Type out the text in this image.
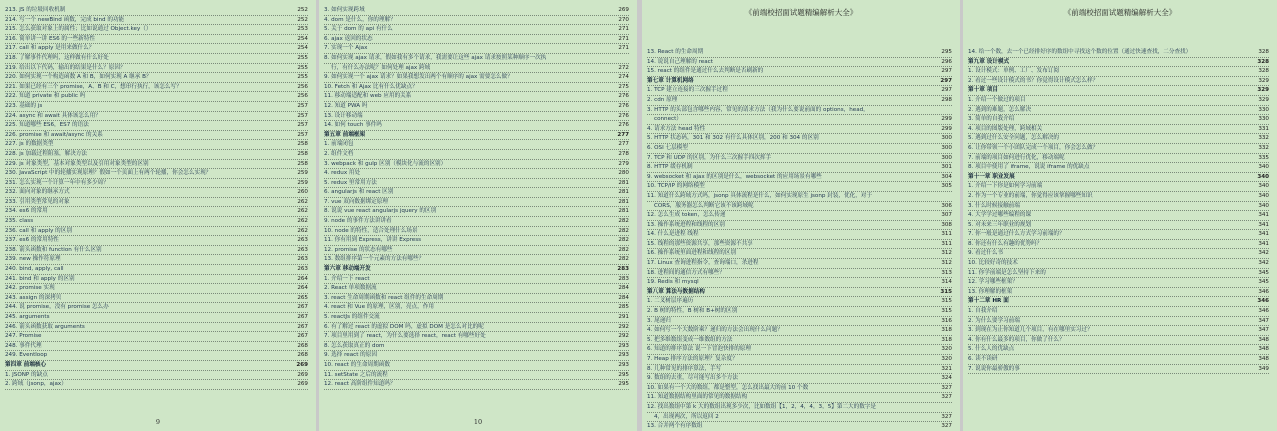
213. JS 的垃圾回收机制	252
214. 写一个 newBind 函数，完成 bind 的功能	252
215. 怎么获取对象上的属性；比如说通过 Object.key（）	253
216. 简单讲一讲 ES6 的一些新特性	254
217. call 和 apply 是用来做什么？	254
218. 了解事件代理吗，这样做有什么好处	255
219. 给出以下代码，输出的结果是什么？原因？	255
220. 如何实现一个构造函数 A 和 B，如何实现 A 继承 B？	255
221. 如果已经有三个 promise，A、B 和 C，想串行执行，该怎么写？	256
222. 知道 private 和 public 吗	256
223. 基础的 js	257
224. async 和 await 具体该怎么用？	257
225. 知道哪些 ES6，ES7 的语法	257
226. promise 和 await/async 的关系	257
227. js 的数据类型	258
228. js 加载过程阻塞，解决方法	258
229. js 对象类型，基本对象类型以及引用对象类型的区别	258
230. JavaScript 中的轮播实现原理？假如一个页面上有两个轮播，你会怎么实现？	259
231. 怎么实现一个计算一年中有多少周？	259
232. 面向对象的继承方式	260
233. 引用类型常见的对象	262
234. es6 的常用	262
235. class	262
236. call 和 apply 的区别	262
237. es6 的常用特性	263
238. 箭头函数和 function 有什么区别	263
239. new 操作符原理	263
240. bind, apply, call	263
241. bind 和 apply 的区别	264
242. promise 实现	264
243. assign 的深拷贝	265
244. 说 promise，没有 promise 怎么办	267
245. arguments	267
246. 箭头函数获取 arguments	267
247. Promise	267
248. 事件代理	268
249. Eventloop	268
第四章 前端核心	269
1. JSONP 的缺点	269
2. 跨域（jsonp，ajax）	269
9
3. 如何实现跨域	269
4. dom 是什么，你的理解？	270
5. 关于 dom 的 api 有什么	271
6. ajax 返回的状态	271
7. 实现一个 Ajax	271
8. 如何实现 ajax 请求，假如我有多个请求，我需要让这些 ajax 请求按照某种顺序一次执
行，有什么办法呢？如何处理 ajax 跨域	272
9. 如何实现一个 ajax 请求？如果我想发出两个有顺序的 ajax 需要怎么做？	274
10. Fetch 和 Ajax 比有什么优缺点？	275
11. 移动端适配和 web 应用的关系	276
12. 知道 PWA 吗	276
13. 设计移动端	276
14. 如何 touch 事件吗	276
第五章 前端框架	277
1. 前端闭包	277
2. 组件文档	278
3. webpack 和 gulp 区别（模块化与流的区别）	279
4. redux 用处	280
5. redux 里常用方法	281
6. angularjs 和 react 区别	281
7. vue 双向数据绑定原理	281
8. 说说 vue react angularjs jquery 的区别	281
9. node 的事件方法讲讲看	282
10. node 的特性，适合处理什么场景	282
11. 你有用到 Express，讲讲 Express	282
12. promise 的状态有哪些	282
13. 数组排序第一个元素的方法有哪些？	282
第六章 移动端开发	283
1. 介绍一下 react	283
2. React 单项数据流	284
3. react 生命周期函数和 react 组件的生命周期	284
4. react 和 Vue 的原理，区别，亮点，作用	285
5. reactJs 的组件交流	291
6. 有了解过 react 的虚拟 DOM 吗，虚拟 DOM 是怎么对比的呢	292
7. 项目里用到了 react，为什么要选择 react，react 有哪些好处	292
8. 怎么获取真正的 dom	293
9. 选择 react 的原因	293
10. react 的生命周期函数	293
11. setState 之后的流程	295
12. react 高阶组件知道吗？	295
10
《前端校招面试题精编解析大全》
13. React 的生命周期	295
14. 说说自己理解的 react	296
15. react 的组件是通过什么去判断是否刷新的	297
第七章 计算机网络	297
1. TCP 建立连接的三次握手过程	297
2. cdn 原理	298
3. HTTP 的头部包含哪些内容，常见的请求方法（我为什么要说前面的 options，head，
connect）	299
4. 请求方法 head 特性	299
5. HTTP 状态码，301 和 302 有什么具体区别，200 和 304 的区别	300
6. OSI 七层模型	300
7. TCP 和 UDP 的区别，为什么三次握手四次挥手	300
8. HTTP 缓存机制	301
9. websocket 和 ajax 的区别是什么，websocket 的应用场景有哪些	304
10. TCP/IP 的网络模型	305
11. 知道什么跨域方式吗，jsonp 具体流程是什么，如何实现原生 jsonp 封装，优化，对于
CORS，服务器怎么判断它该不该跨域呢	306
12. 怎么生成 token，怎么传递	307
13. 操作系统进程和线程的区别	308
14. 什么是进程 线程	311
15. 线程的那些资源共享，那些资源不共享	311
16. 操作系统里面进程和线程的区别	312
17. Linux 查询进程指令，查询端口，杀进程	312
18. 进程间的通信方式有哪些？	313
19. Redis 和 mysql	314
第八章 算法与数据结构	315
1. 二叉树层序遍历	315
2. B 树的特性，B 树和 B+树的区别	315
3. 尾递归	316
4. 如何写一个大数阶乘？递归的方法会出现什么问题？	318
5. 把多维数组变成一维数组的方法	318
6. 知道的排序算法 说一下冒泡快排的原理	320
7. Heap 排序方法的原理？复杂度？	320
8. 几种常见的排序算法，手写	321
9. 数组的去重，尽可能写出多个方法	324
10. 如果有一个大的数组，都是整型，怎么找出最大的前 10 个数	327
11. 知道数据结构里面的常见的数据结构	327
12. 找出数组中第 k 大的数组出现多少次，比如数组【1，2，4，4，3，5】第二大的数字是
4，出现两次，所以返回 2	327
13. 合并两个有序数组	327
《前端校招面试题精编解析大全》
14. 给一个数，去一个已经排好序的数组中寻找这个数的位置（通过快速查找，二分查找）	328
第九章 设计模式	328
1. 设计模式：单例、工厂、发布订阅	328
2. 看过一些设计模式的书？你觉得设计模式怎么样？	329
第十章 项目	329
1. 介绍一个做过的项目	329
2. 遇到的难题，怎么解决	330
3. 简单的自我介绍	330
4. 项目的图版处理，跨域相关	331
5. 遇到过什么安全问题，怎么解决的	332
6. 让你带领一个小团队完成一个项目，你会怎么做？	332
7. 前端的项目如何进行优化，移动端呢	335
8. 项目中使用了 iframe，说说 iframe 的优缺点	340
第十一章 职业发展	340
1. 介绍一下你是如何学习前端	340
2. 作为一个专业的前端，你觉得应该掌握哪些知识	340
3. 什么时候接触前端	340
4. 大学学过哪些编程的课	341
5. 对未来三年职业的规划	341
7. 你一般是通过什么方式学习前端的？	341
8. 你还有什么有趣的优势吗？	341
9. 看过什么书	342
10. 比较好奇的技术	342
11. 你学前端是怎么坚持下来的	345
12. 学习哪些框架？	345
13. 你理解的框架	346
第十二章 HR 面	346
1. 自我介绍	346
2. 为什么要学习前端	347
3. 到现在为止你知道几个项目，有在哪里实习过？	347
4. 你有什么最多的项目，你做了什么？	348
5. 什么人的优缺点	348
6. 读不读研	348
7. 说说你最骄傲的事	349
